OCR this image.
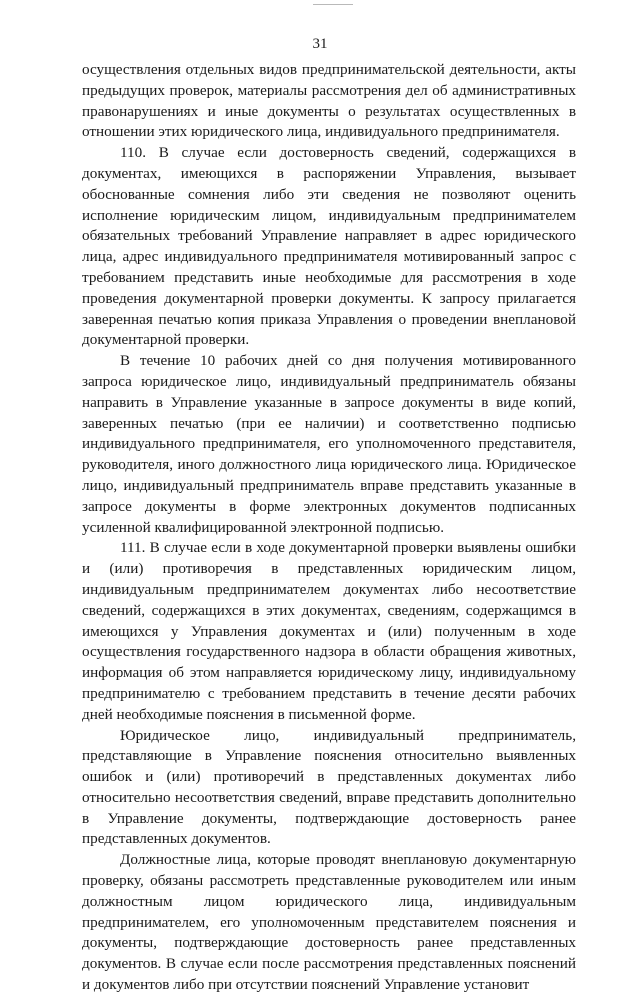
31

осуществления отдельных видов предпринимательской деятельности, акты предыдущих проверок, материалы рассмотрения дел об административных правонарушениях и иные документы о результатах осуществленных в отношении этих юридического лица, индивидуального предпринимателя.

110. В случае если достоверность сведений, содержащихся в документах, имеющихся в распоряжении Управления, вызывает обоснованные сомнения либо эти сведения не позволяют оценить исполнение юридическим лицом, индивидуальным предпринимателем обязательных требований Управление направляет в адрес юридического лица, адрес индивидуального предпринимателя мотивированный запрос с требованием представить иные необходимые для рассмотрения в ходе проведения документарной проверки документы. К запросу прилагается заверенная печатью копия приказа Управления о проведении внеплановой документарной проверки.

В течение 10 рабочих дней со дня получения мотивированного запроса юридическое лицо, индивидуальный предприниматель обязаны направить в Управление указанные в запросе документы в виде копий, заверенных печатью (при ее наличии) и соответственно подписью индивидуального предпринимателя, его уполномоченного представителя, руководителя, иного должностного лица юридического лица. Юридическое лицо, индивидуальный предприниматель вправе представить указанные в запросе документы в форме электронных документов подписанных усиленной квалифицированной электронной подписью.

111. В случае если в ходе документарной проверки выявлены ошибки и (или) противоречия в представленных юридическим лицом, индивидуальным предпринимателем документах либо несоответствие сведений, содержащихся в этих документах, сведениям, содержащимся в имеющихся у Управления документах и (или) полученным в ходе осуществления государственного надзора в области обращения животных, информация об этом направляется юридическому лицу, индивидуальному предпринимателю с требованием представить в течение десяти рабочих дней необходимые пояснения в письменной форме.

Юридическое лицо, индивидуальный предприниматель, представляющие в Управление пояснения относительно выявленных ошибок и (или) противоречий в представленных документах либо относительно несоответствия сведений, вправе представить дополнительно в Управление документы, подтверждающие достоверность ранее представленных документов.

Должностные лица, которые проводят внеплановую документарную проверку, обязаны рассмотреть представленные руководителем или иным должностным лицом юридического лица, индивидуальным предпринимателем, его уполномоченным представителем пояснения и документы, подтверждающие достоверность ранее представленных документов. В случае если после рассмотрения представленных пояснений и документов либо при отсутствии пояснений Управление установит
